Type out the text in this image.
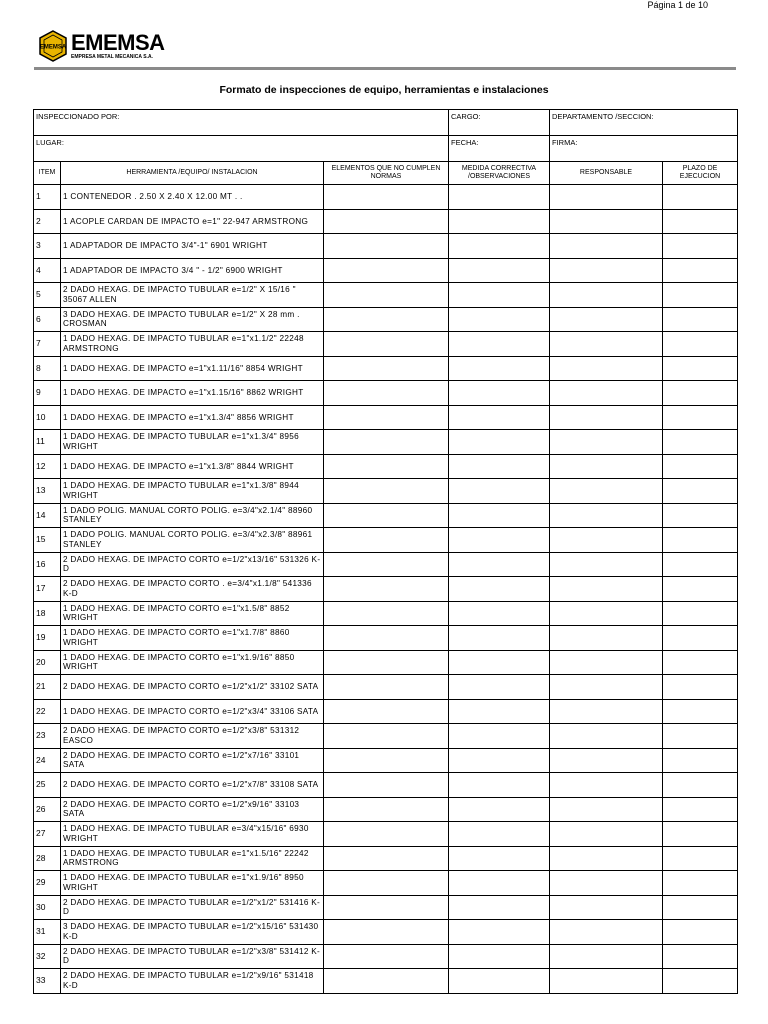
Página 1 de 10
EMEMSA EMEMSA
EMPRESA METAL MECANICA S.A.
Formato de inspecciones de equipo, herramientas e instalaciones
INSPECCIONADO POR:			CARGO:	DEPARTAMENTO /SECCION:	
LUGAR:			FECHA:	FIRMA:	
ITEM	HERRAMIENTA /EQUIPO/ INSTALACION	ELEMENTOS QUE NO CUMPLEN NORMAS	MEDIDA CORRECTIVA /OBSERVACIONES	RESPONSABLE	PLAZO DE EJECUCION
1	1 CONTENEDOR . 2.50 X 2.40 X 12.00 MT . .				
2	1 ACOPLE CARDAN DE IMPACTO e=1" 22-947 ARMSTRONG				
3	1 ADAPTADOR DE IMPACTO 3/4"-1" 6901 WRIGHT				
4	1 ADAPTADOR DE IMPACTO 3/4 " - 1/2" 6900 WRIGHT				
5	2 DADO HEXAG. DE IMPACTO TUBULAR e=1/2" X 15/16 " 35067 ALLEN				
6	3 DADO HEXAG. DE IMPACTO TUBULAR e=1/2" X 28 mm . CROSMAN				
7	1 DADO HEXAG. DE IMPACTO TUBULAR e=1"x1.1/2" 22248 ARMSTRONG				
8	1 DADO HEXAG. DE IMPACTO e=1"x1.11/16" 8854 WRIGHT				
9	1 DADO HEXAG. DE IMPACTO e=1"x1.15/16" 8862 WRIGHT				
10	1 DADO HEXAG. DE IMPACTO e=1"x1.3/4" 8856 WRIGHT				
11	1 DADO HEXAG. DE IMPACTO TUBULAR e=1"x1.3/4" 8956 WRIGHT				
12	1 DADO HEXAG. DE IMPACTO e=1"x1.3/8" 8844 WRIGHT				
13	1 DADO HEXAG. DE IMPACTO TUBULAR e=1"x1.3/8" 8944 WRIGHT				
14	1 DADO POLIG. MANUAL CORTO POLIG. e=3/4"x2.1/4" 88960 STANLEY				
15	1 DADO POLIG. MANUAL CORTO POLIG. e=3/4"x2.3/8" 88961 STANLEY				
16	2 DADO HEXAG. DE IMPACTO CORTO e=1/2"x13/16" 531326 K-D				
17	2 DADO HEXAG. DE IMPACTO CORTO . e=3/4"x1.1/8" 541336 K-D				
18	1 DADO HEXAG. DE IMPACTO CORTO e=1"x1.5/8" 8852 WRIGHT				
19	1 DADO HEXAG. DE IMPACTO CORTO e=1"x1.7/8" 8860 WRIGHT				
20	1 DADO HEXAG. DE IMPACTO CORTO e=1"x1.9/16" 8850 WRIGHT				
21	2 DADO HEXAG. DE IMPACTO CORTO e=1/2"x1/2" 33102 SATA				
22	1 DADO HEXAG. DE IMPACTO CORTO e=1/2"x3/4" 33106 SATA				
23	2 DADO HEXAG. DE IMPACTO CORTO e=1/2"x3/8" 531312 EASCO				
24	2 DADO HEXAG. DE IMPACTO CORTO e=1/2"x7/16" 33101 SATA				
25	2 DADO HEXAG. DE IMPACTO CORTO e=1/2"x7/8" 33108 SATA				
26	2 DADO HEXAG. DE IMPACTO CORTO e=1/2"x9/16" 33103 SATA				
27	1 DADO HEXAG. DE IMPACTO TUBULAR e=3/4"x15/16" 6930 WRIGHT				
28	1 DADO HEXAG. DE IMPACTO TUBULAR e=1"x1.5/16" 22242 ARMSTRONG				
29	1 DADO HEXAG. DE IMPACTO TUBULAR e=1"x1.9/16" 8950 WRIGHT				
30	2 DADO HEXAG. DE IMPACTO TUBULAR e=1/2"x1/2" 531416 K-D				
31	3 DADO HEXAG. DE IMPACTO TUBULAR e=1/2"x15/16" 531430 K-D				
32	2 DADO HEXAG. DE IMPACTO TUBULAR e=1/2"x3/8" 531412 K-D				
33	2 DADO HEXAG. DE IMPACTO TUBULAR e=1/2"x9/16" 531418 K-D				
